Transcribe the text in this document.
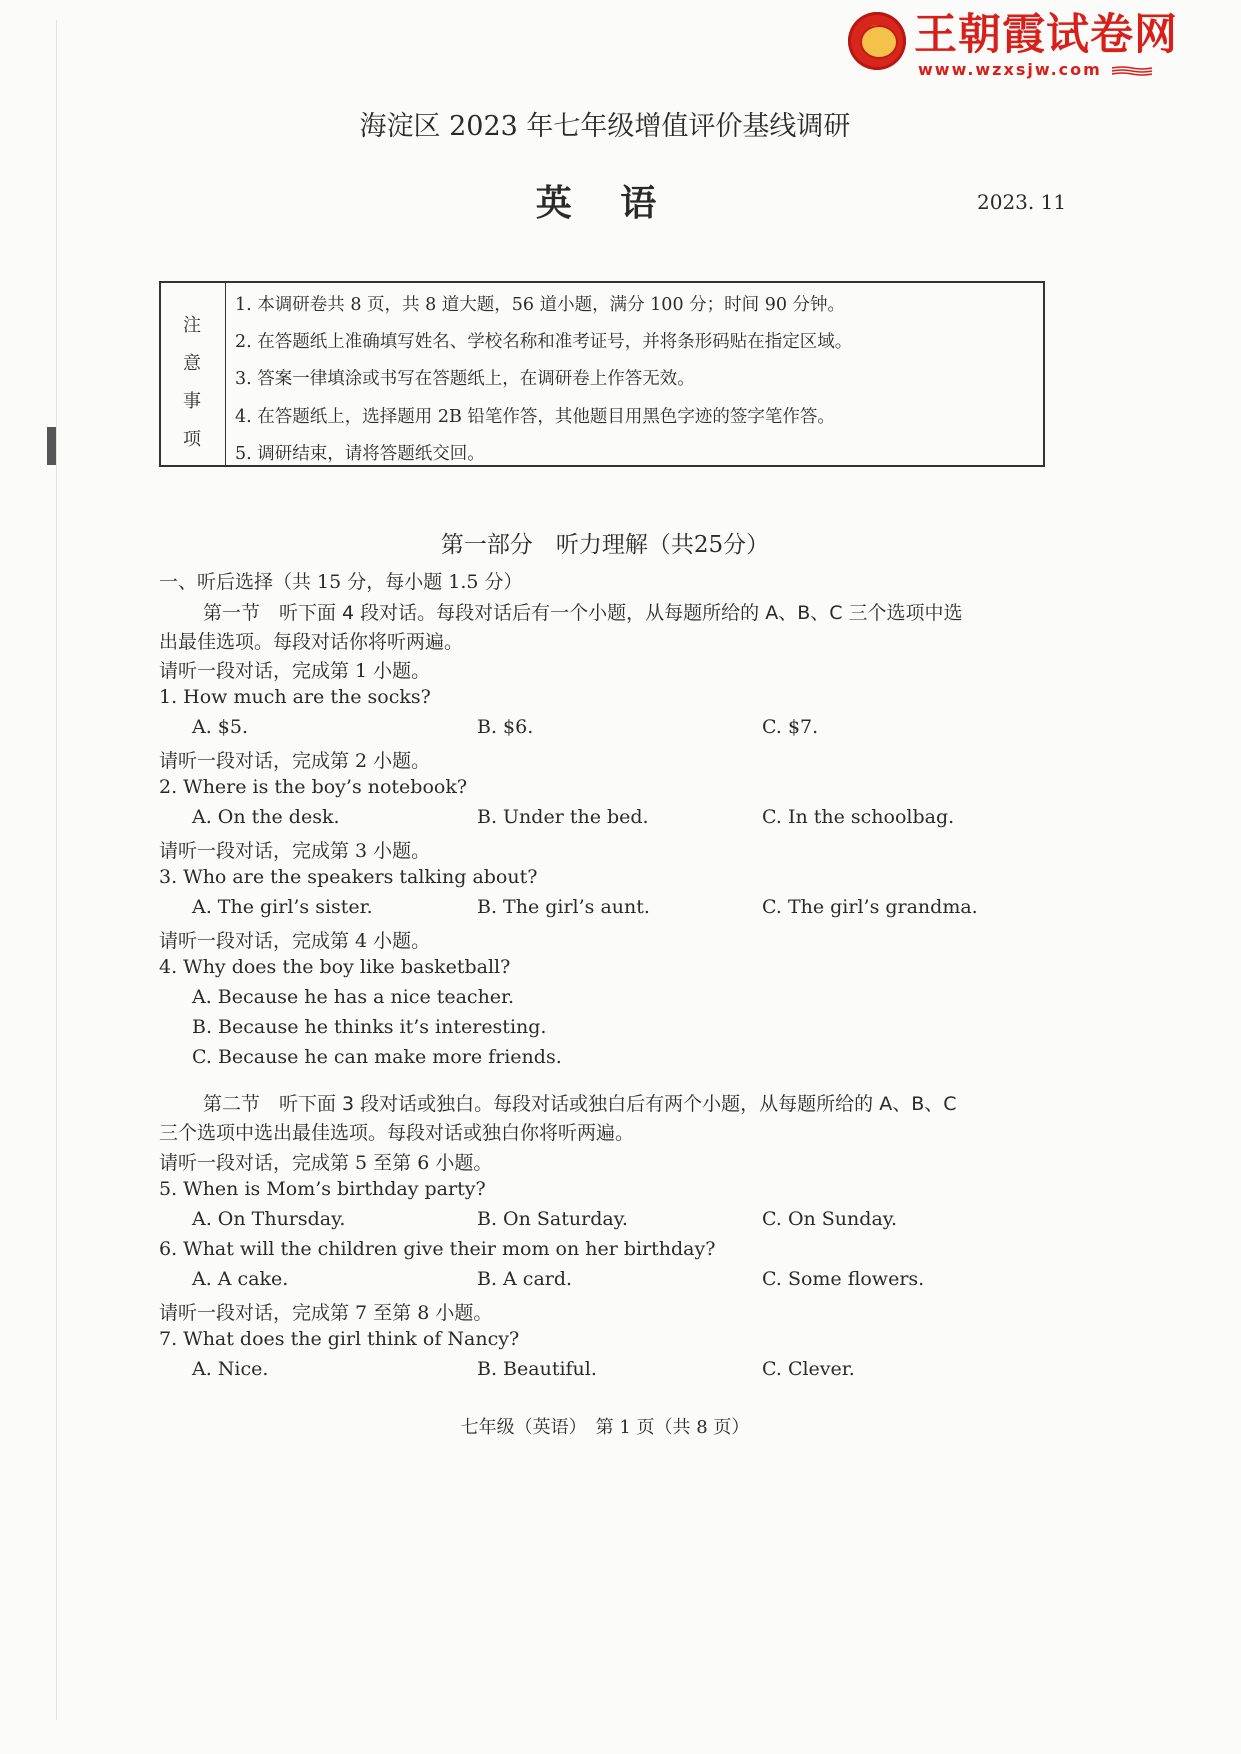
王朝霞试卷网
www.wzxsjw.com
海淀区 2023 年七年级增值评价基线调研
英 语	2023. 11
注
意
事
项
1. 本调研卷共 8 页，共 8 道大题，56 道小题，满分 100 分；时间 90 分钟。
2. 在答题纸上准确填写姓名、学校名称和准考证号，并将条形码贴在指定区域。
3. 答案一律填涂或书写在答题纸上，在调研卷上作答无效。
4. 在答题纸上，选择题用 2B 铅笔作答，其他题目用黑色字迹的签字笔作答。
5. 调研结束，请将答题纸交回。
第一部分　听力理解（共25分）
一、听后选择（共 15 分，每小题 1.5 分）
第一节　听下面 4 段对话。每段对话后有一个小题，从每题所给的 A、B、C 三个选项中选
出最佳选项。每段对话你将听两遍。
请听一段对话，完成第 1 小题。
1. How much are the socks?
A. $5.	B. $6.	C. $7.
请听一段对话，完成第 2 小题。
2. Where is the boy’s notebook?
A. On the desk.	B. Under the bed.	C. In the schoolbag.
请听一段对话，完成第 3 小题。
3. Who are the speakers talking about?
A. The girl’s sister.	B. The girl’s aunt.	C. The girl’s grandma.
请听一段对话，完成第 4 小题。
4. Why does the boy like basketball?
A. Because he has a nice teacher.
B. Because he thinks it’s interesting.
C. Because he can make more friends.
第二节　听下面 3 段对话或独白。每段对话或独白后有两个小题，从每题所给的 A、B、C
三个选项中选出最佳选项。每段对话或独白你将听两遍。
请听一段对话，完成第 5 至第 6 小题。
5. When is Mom’s birthday party?
A. On Thursday.	B. On Saturday.	C. On Sunday.
6. What will the children give their mom on her birthday?
A. A cake.	B. A card.	C. Some flowers.
请听一段对话，完成第 7 至第 8 小题。
7. What does the girl think of Nancy?
A. Nice.	B. Beautiful.	C. Clever.
七年级（英语）　第 1 页（共 8 页）
